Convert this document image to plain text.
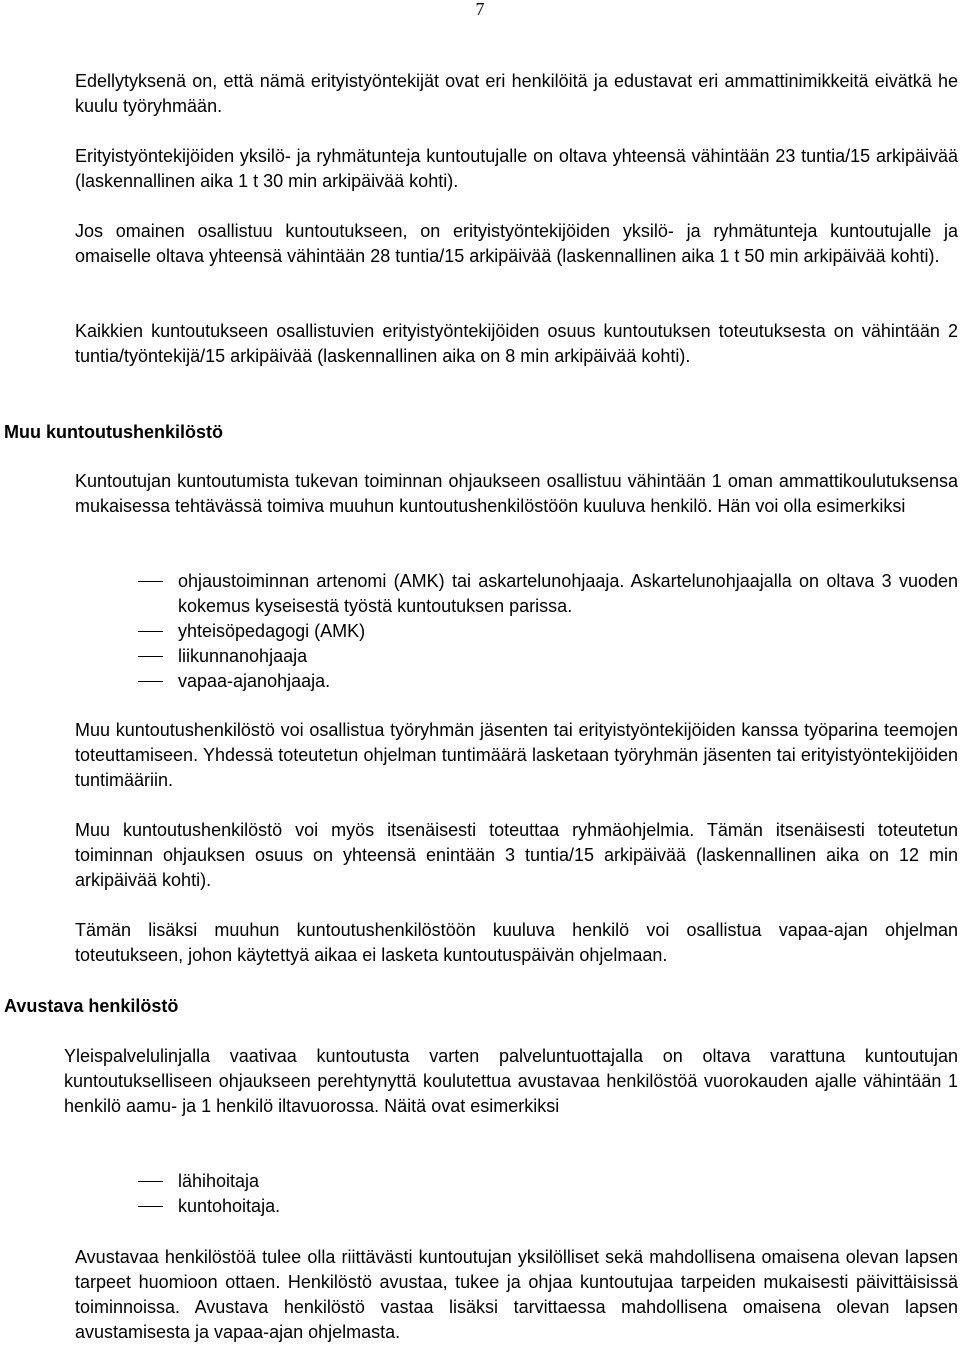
7

Edellytyksenä on, että nämä erityistyöntekijät ovat eri henkilöitä ja edustavat eri ammattinimikkeitä eivätkä he kuulu työryhmään.

Erityistyöntekijöiden yksilö- ja ryhmätunteja kuntoutujalle on oltava yhteensä vähintään 23 tuntia/15 arkipäivää (laskennallinen aika 1 t 30 min arkipäivää kohti).

Jos omainen osallistuu kuntoutukseen, on erityistyöntekijöiden yksilö- ja ryhmätunteja kuntoutujalle ja omaiselle oltava yhteensä vähintään 28 tuntia/15 arkipäivää (laskennallinen aika 1 t 50 min arkipäivää kohti).

Kaikkien kuntoutukseen osallistuvien erityistyöntekijöiden osuus kuntoutuksen toteutuksesta on vähintään 2 tuntia/työntekijä/15 arkipäivää (laskennallinen aika on 8 min arkipäivää kohti).

Muu kuntoutushenkilöstö

Kuntoutujan kuntoutumista tukevan toiminnan ohjaukseen osallistuu vähintään 1 oman ammattikoulutuksensa mukaisessa tehtävässä toimiva muuhun kuntoutushenkilöstöön kuuluva henkilö. Hän voi olla esimerkiksi

ohjaustoiminnan artenomi (AMK) tai askartelunohjaaja. Askartelunohjaajalla on oltava 3 vuoden kokemus kyseisestä työstä kuntoutuksen parissa.
yhteisöpedagogi (AMK)
liikunnanohjaaja
vapaa-ajanohjaaja.

Muu kuntoutushenkilöstö voi osallistua työryhmän jäsenten tai erityistyöntekijöiden kanssa työparina teemojen toteuttamiseen. Yhdessä toteutetun ohjelman tuntimäärä lasketaan työryhmän jäsenten tai erityistyöntekijöiden tuntimääriin.

Muu kuntoutushenkilöstö voi myös itsenäisesti toteuttaa ryhmäohjelmia. Tämän itsenäisesti toteutetun toiminnan ohjauksen osuus on yhteensä enintään 3 tuntia/15 arkipäivää (laskennallinen aika on 12 min arkipäivää kohti).

Tämän lisäksi muuhun kuntoutushenkilöstöön kuuluva henkilö voi osallistua vapaa-ajan ohjelman toteutukseen, johon käytettyä aikaa ei lasketa kuntoutuspäivän ohjelmaan.

Avustava henkilöstö

Yleispalvelulinjalla vaativaa kuntoutusta varten palveluntuottajalla on oltava varattuna kuntoutujan kuntoutukselliseen ohjaukseen perehtynyttä koulutettua avustavaa henkilöstöä vuorokauden ajalle vähintään 1 henkilö aamu- ja 1 henkilö iltavuorossa. Näitä ovat esimerkiksi

lähihoitaja
kuntohoitaja.

Avustavaa henkilöstöä tulee olla riittävästi kuntoutujan yksilölliset sekä mahdollisena omaisena olevan lapsen tarpeet huomioon ottaen. Henkilöstö avustaa, tukee ja ohjaa kuntoutujaa tarpeiden mukaisesti päivittäisissä toiminnoissa. Avustava henkilöstö vastaa lisäksi tarvittaessa mahdollisena omaisena olevan lapsen avustamisesta ja vapaa-ajan ohjelmasta.
